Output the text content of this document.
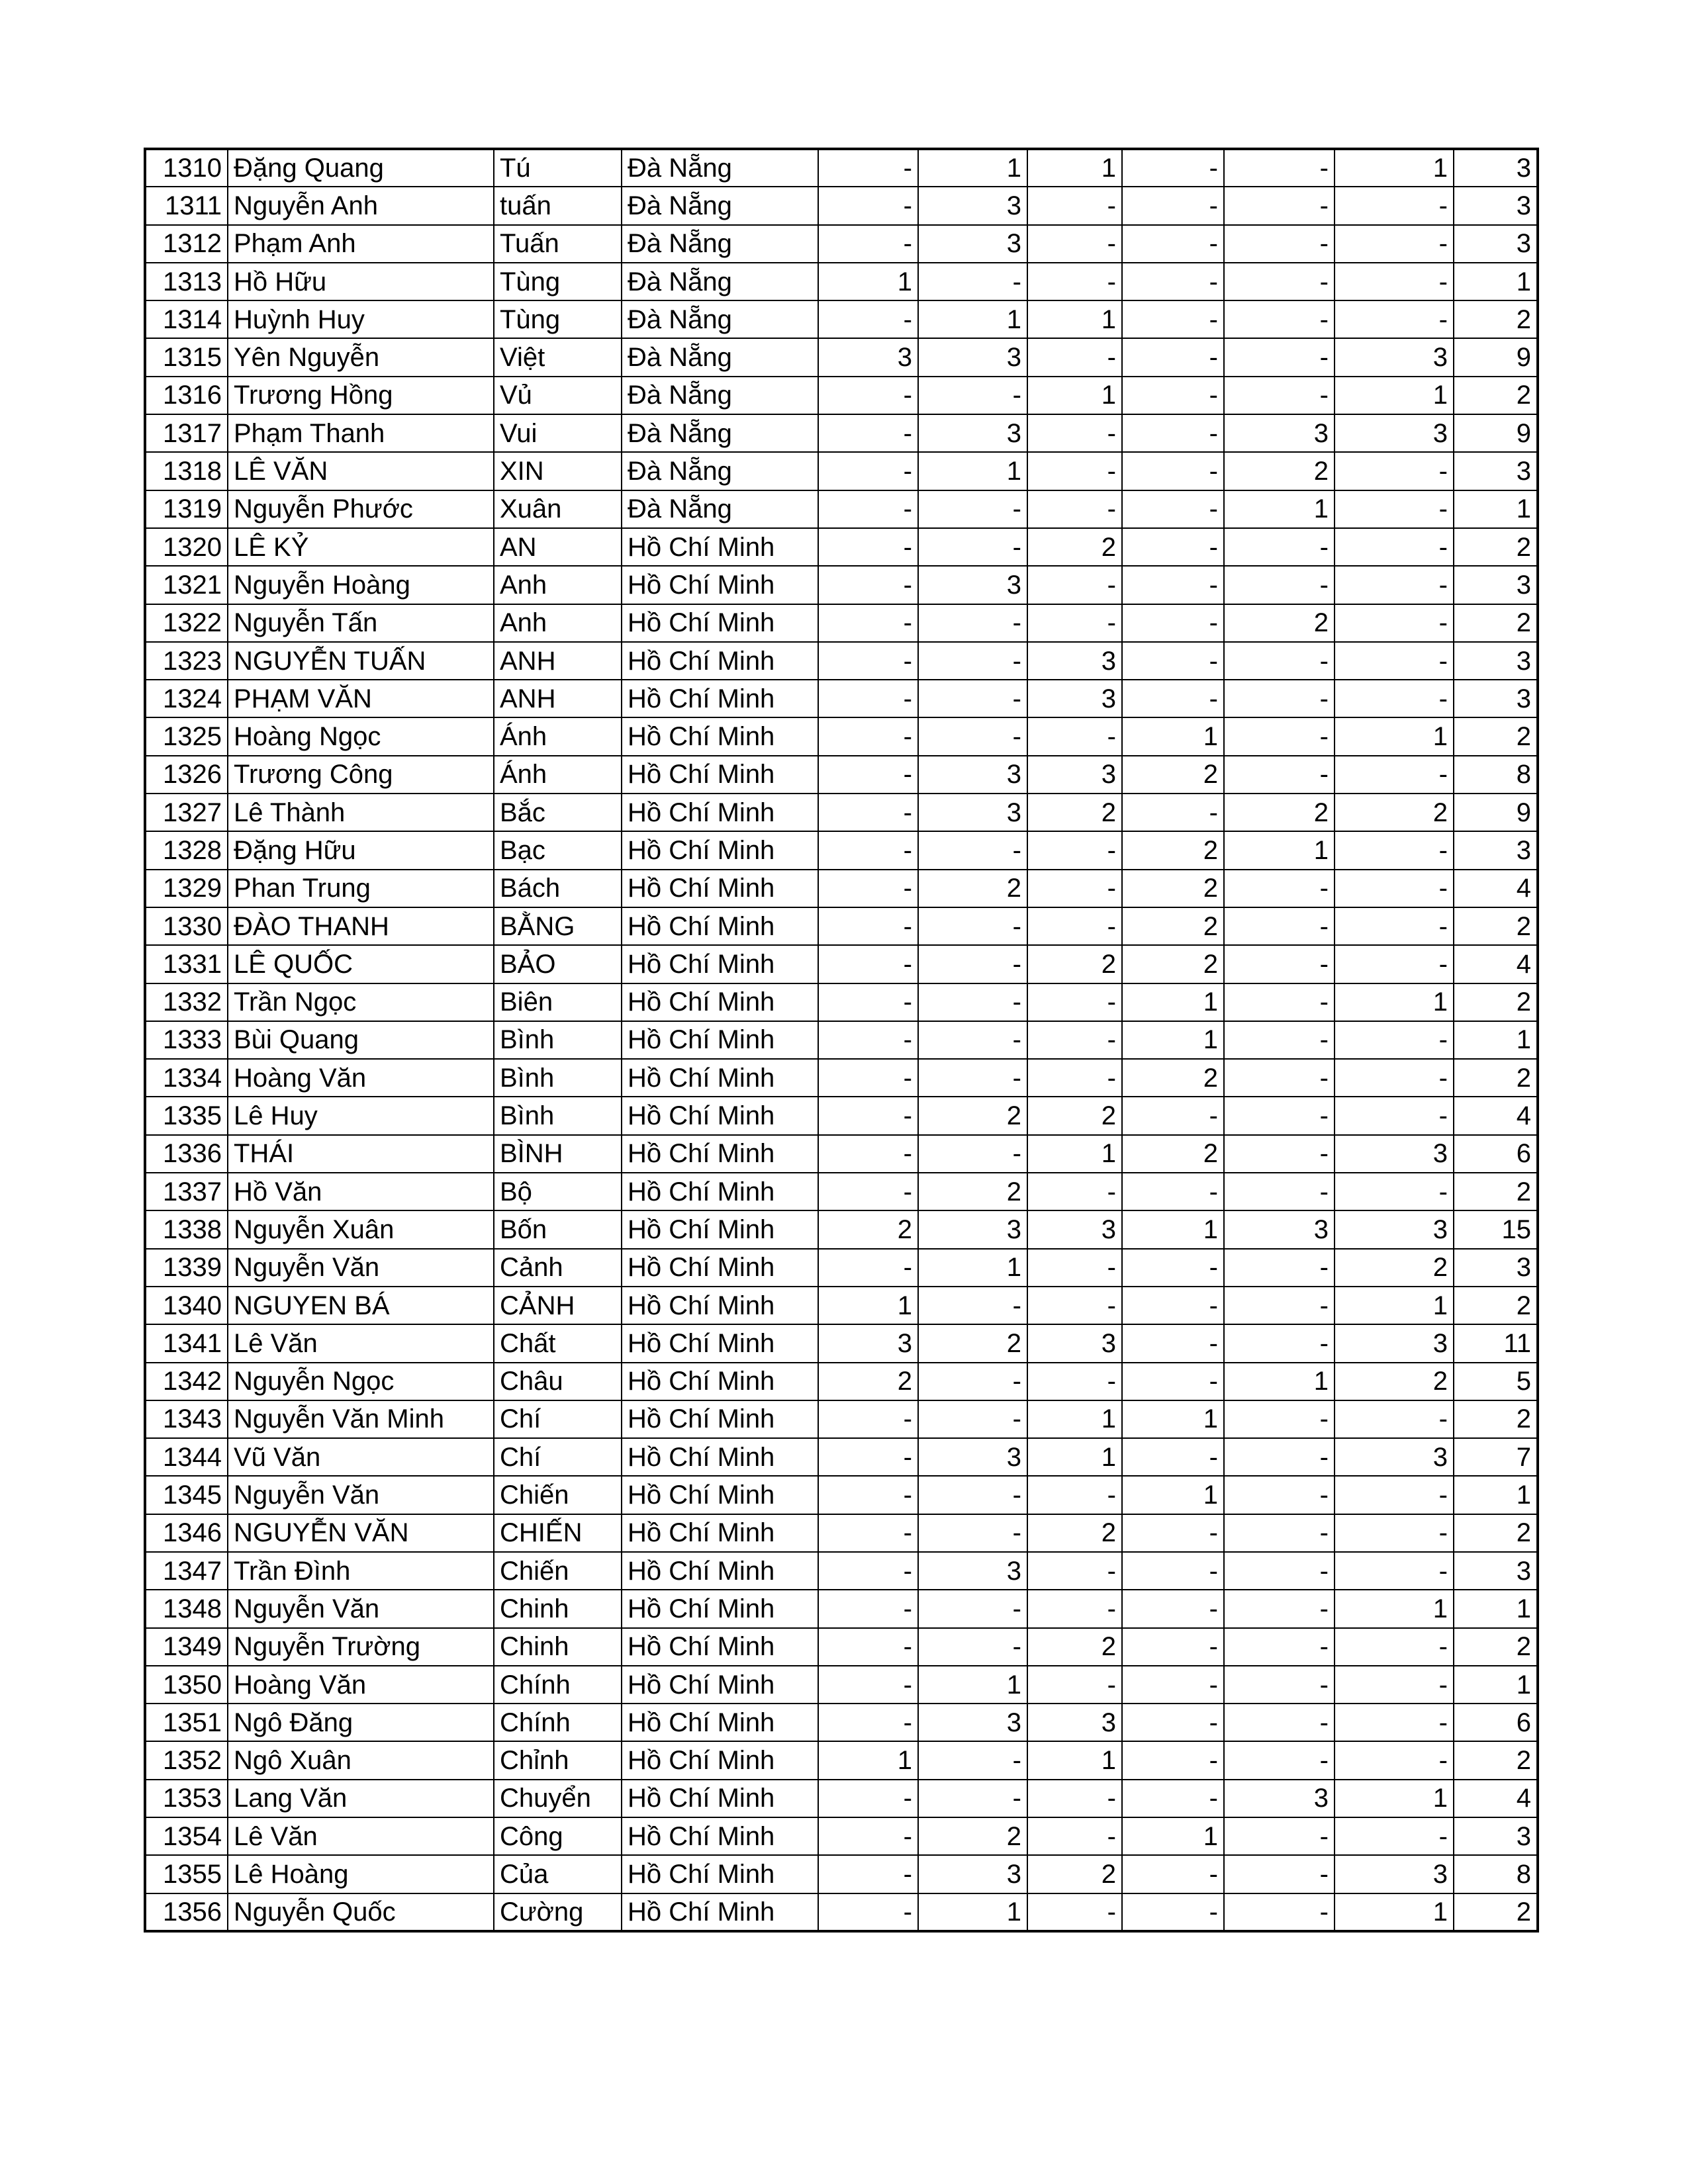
1310	Đặng Quang	Tú	Đà Nẵng	-	1	1	-	-	1	3
1311	Nguyễn Anh	tuấn	Đà Nẵng	-	3	-	-	-	-	3
1312	Phạm Anh	Tuấn	Đà Nẵng	-	3	-	-	-	-	3
1313	Hồ Hữu	Tùng	Đà Nẵng	1	-	-	-	-	-	1
1314	Huỳnh Huy	Tùng	Đà Nẵng	-	1	1	-	-	-	2
1315	Yên Nguyễn	Việt	Đà Nẵng	3	3	-	-	-	3	9
1316	Trương Hồng	Vủ	Đà Nẵng	-	-	1	-	-	1	2
1317	Phạm Thanh	Vui	Đà Nẵng	-	3	-	-	3	3	9
1318	LÊ VĂN	XIN	Đà Nẵng	-	1	-	-	2	-	3
1319	Nguyễn Phước	Xuân	Đà Nẵng	-	-	-	-	1	-	1
1320	LÊ KỶ	AN	Hồ Chí Minh	-	-	2	-	-	-	2
1321	Nguyễn Hoàng	Anh	Hồ Chí Minh	-	3	-	-	-	-	3
1322	Nguyễn Tấn	Anh	Hồ Chí Minh	-	-	-	-	2	-	2
1323	NGUYỄN TUẤN	ANH	Hồ Chí Minh	-	-	3	-	-	-	3
1324	PHẠM VĂN	ANH	Hồ Chí Minh	-	-	3	-	-	-	3
1325	Hoàng Ngọc	Ánh	Hồ Chí Minh	-	-	-	1	-	1	2
1326	Trương Công	Ánh	Hồ Chí Minh	-	3	3	2	-	-	8
1327	Lê Thành	Bắc	Hồ Chí Minh	-	3	2	-	2	2	9
1328	Đặng Hữu	Bạc	Hồ Chí Minh	-	-	-	2	1	-	3
1329	Phan Trung	Bách	Hồ Chí Minh	-	2	-	2	-	-	4
1330	ĐÀO THANH	BẰNG	Hồ Chí Minh	-	-	-	2	-	-	2
1331	LÊ QUỐC	BẢO	Hồ Chí Minh	-	-	2	2	-	-	4
1332	Trần Ngọc	Biên	Hồ Chí Minh	-	-	-	1	-	1	2
1333	Bùi Quang	Bình	Hồ Chí Minh	-	-	-	1	-	-	1
1334	Hoàng Văn	Bình	Hồ Chí Minh	-	-	-	2	-	-	2
1335	Lê Huy	Bình	Hồ Chí Minh	-	2	2	-	-	-	4
1336	THÁI	BÌNH	Hồ Chí Minh	-	-	1	2	-	3	6
1337	Hồ Văn	Bộ	Hồ Chí Minh	-	2	-	-	-	-	2
1338	Nguyễn Xuân	Bốn	Hồ Chí Minh	2	3	3	1	3	3	15
1339	Nguyễn Văn	Cảnh	Hồ Chí Minh	-	1	-	-	-	2	3
1340	NGUYEN BÁ	CẢNH	Hồ Chí Minh	1	-	-	-	-	1	2
1341	Lê Văn	Chất	Hồ Chí Minh	3	2	3	-	-	3	11
1342	Nguyễn Ngọc	Châu	Hồ Chí Minh	2	-	-	-	1	2	5
1343	Nguyễn Văn Minh	Chí	Hồ Chí Minh	-	-	1	1	-	-	2
1344	Vũ Văn	Chí	Hồ Chí Minh	-	3	1	-	-	3	7
1345	Nguyễn Văn	Chiến	Hồ Chí Minh	-	-	-	1	-	-	1
1346	NGUYỄN VĂN	CHIẾN	Hồ Chí Minh	-	-	2	-	-	-	2
1347	Trần Đình	Chiến	Hồ Chí Minh	-	3	-	-	-	-	3
1348	Nguyễn Văn	Chinh	Hồ Chí Minh	-	-	-	-	-	1	1
1349	Nguyễn Trường	Chinh	Hồ Chí Minh	-	-	2	-	-	-	2
1350	Hoàng Văn	Chính	Hồ Chí Minh	-	1	-	-	-	-	1
1351	Ngô Đăng	Chính	Hồ Chí Minh	-	3	3	-	-	-	6
1352	Ngô Xuân	Chỉnh	Hồ Chí Minh	1	-	1	-	-	-	2
1353	Lang Văn	Chuyển	Hồ Chí Minh	-	-	-	-	3	1	4
1354	Lê Văn	Công	Hồ Chí Minh	-	2	-	1	-	-	3
1355	Lê Hoàng	Của	Hồ Chí Minh	-	3	2	-	-	3	8
1356	Nguyễn Quốc	Cường	Hồ Chí Minh	-	1	-	-	-	1	2
